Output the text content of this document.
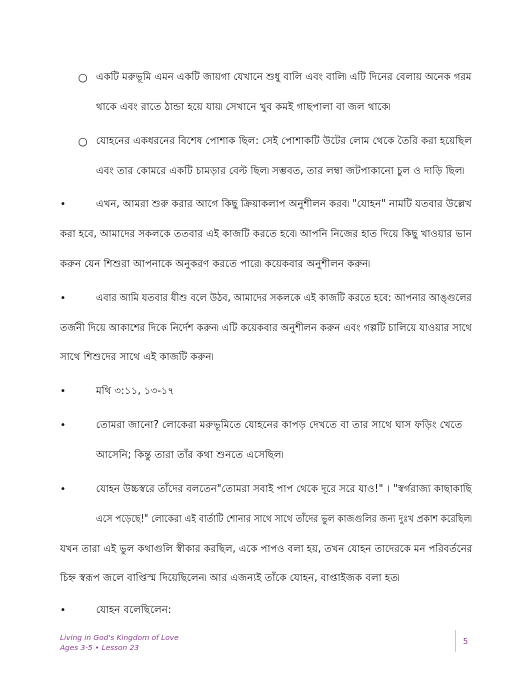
○ একটি মরুভূমি এমন একটি জায়গা যেখানে শুধু বালি এবং বালি৷ এটি দিনের বেলায় অনেক গরম
থাকে এবং রাতে ঠান্ডা হয়ে যায়৷ সেখানে খুব কমই গাছপালা বা জল থাকে৷
○ যোহনের একধরনের বিশেষ পোশাক ছিল: সেই পোশাকটি উটের লোম থেকে তৈরি করা হয়েছিল
এবং তার কোমরে একটি চামড়ার বেল্ট ছিল৷ সম্ভবত, তার লম্বা জটপাকানো চুল ও দাড়ি ছিল৷
•	এখন, আমরা শুরু করার আগে কিছু ক্রিয়াকলাপ অনুশীলন করব৷ "যোহন" নামটি যতবার উল্লেখ
করা হবে, আমাদের সকলকে ততবার এই কাজটি করতে হবে৷ আপনি নিজের হাত দিয়ে কিছু খাওয়ার ভান
করুন যেন শিশুরা আপনাকে অনুকরণ করতে পারে৷ কয়েকবার অনুশীলন করুন৷
•	এবার আমি যতবার যীশু বলে উঠব, আমাদের সকলকে এই কাজটি করতে হবে: আপনার আঙ্গুলের
তর্জনী দিয়ে আকাশের দিকে নির্দেশ করুন৷ এটি কয়েকবার অনুশীলন করুন এবং গল্পটি চালিয়ে যাওয়ার সাথে
সাথে শিশুদের সাথে এই কাজটি করুন৷
•	মথি ৩:১১, ১৩-১৭
•	তোমরা জানো? লোকেরা মরুভূমিতে যোহনের কাপড় দেখতে বা তার সাথে ঘাস ফড়িং খেতে
আসেনি; কিন্তু তারা তাঁর কথা শুনতে এসেছিল৷
•	যোহন উচ্চস্বরে তাঁদের বলতেন"তোমরা সবাই পাপ থেকে দূরে সরে যাও!" । "স্বর্গরাজ্য কাছাকাছি
এসে পড়েছে!" লোকেরা এই বার্তাটি শোনার সাথে সাথে তাঁদের ভুল কাজগুলির জন্য দুঃখ প্রকাশ করেছিল৷
যখন তারা এই ভুল কথাগুলি স্বীকার করছিল, একে পাপও বলা হয়, তখন যোহন তাদেরকে মন পরিবর্তনের
চিহ্ন স্বরূপ জলে বাপ্তিস্ম দিয়েছিলেন৷ আর এজন্যই তাঁকে যোহন, বাপ্তাইজক বলা হত৷
•	যোহন বলেছিলেন:
Living in God's Kingdom of Love
Ages 3-5 • Lesson 23
5
